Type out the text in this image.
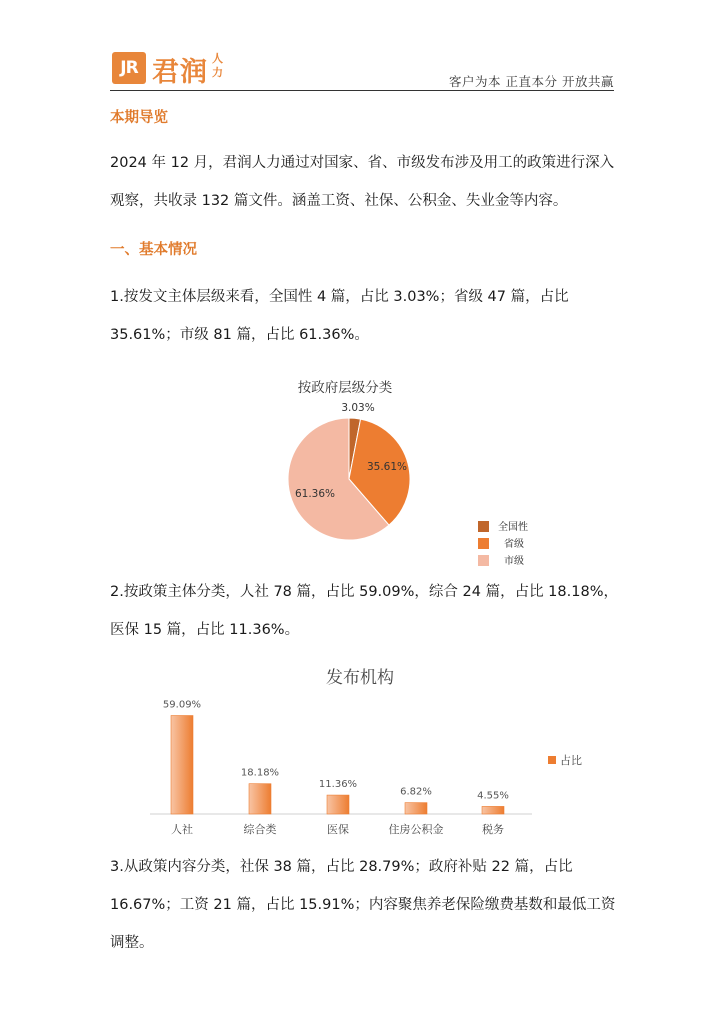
JR 君润 人力
客户为本 正直本分 开放共赢
本期导览
2024 年 12 月，君润人力通过对国家、省、市级发布涉及用工的政策进行深入观察，共收录 132 篇文件。涵盖工资、社保、公积金、失业金等内容。
一、基本情况
1.按发文主体层级来看，全国性 4 篇，占比 3.03%；省级 47 篇，占比 35.61%；市级 81 篇，占比 61.36%。
按政府层级分类
3.03%
35.61%
61.36%
全国性
省级
市级
2.按政策主体分类，人社 78 篇，占比 59.09%，综合 24 篇，占比 18.18%，医保 15 篇，占比 11.36%。
发布机构
59.09%
人社
18.18%
综合类
11.36%
医保
6.82%
住房公积金
4.55%
税务
占比
3.从政策内容分类，社保 38 篇，占比 28.79%；政府补贴 22 篇，占比 16.67%；工资 21 篇，占比 15.91%；内容聚焦养老保险缴费基数和最低工资调整。
